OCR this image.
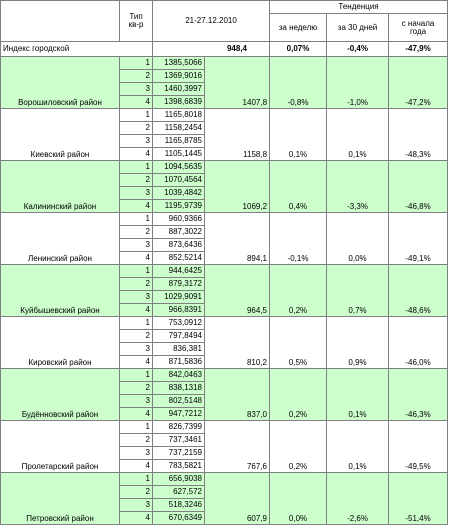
	Тип
кв-р	21-27.12.2010		Тенденция		
				за неделю	за 30 дней	с начала
года
Индекс городской		948,4		0,07%	-0,4%	-47,9%
Ворошиловский район	1	1385,5066	1407,8	-0,8%	-1,0%	-47,2%
	2	1369,9016				
	3	1460,3997				
	4	1398,6839				
Киевский район	1	1165,8018	1158,8	0,1%	0,1%	-48,3%
	2	1158,2454				
	3	1165,8785				
	4	1105,1445				
Калининский район	1	1094,5635	1069,2	0,4%	-3,3%	-46,8%
	2	1070,4564				
	3	1039,4842				
	4	1195,9739				
Ленинский район	1	960,9366	894,1	-0,1%	0,0%	-49,1%
	2	887,3022				
	3	873,6436				
	4	852,5214				
Куйбышевский район	1	944,6425	964,5	0,2%	0,7%	-48,6%
	2	879,3172				
	3	1029,9091				
	4	966,8391				
Кировский район	1	753,0912	810,2	0,5%	0,9%	-46,0%
	2	797,8494				
	3	836,381				
	4	871,5836				
Будённовский район	1	842,0463	837,0	0,2%	0,1%	-46,3%
	2	838,1318				
	3	802,5148				
	4	947,7212				
Пролетарский район	1	826,7399	767,6	0,2%	0,1%	-49,5%
	2	737,3461				
	3	737,2159				
	4	783,5821				
Петровский район	1	656,9038	607,9	0,0%	-2,6%	-51,4%
	2	627,572				
	3	518,3246				
	4	670,6349				
